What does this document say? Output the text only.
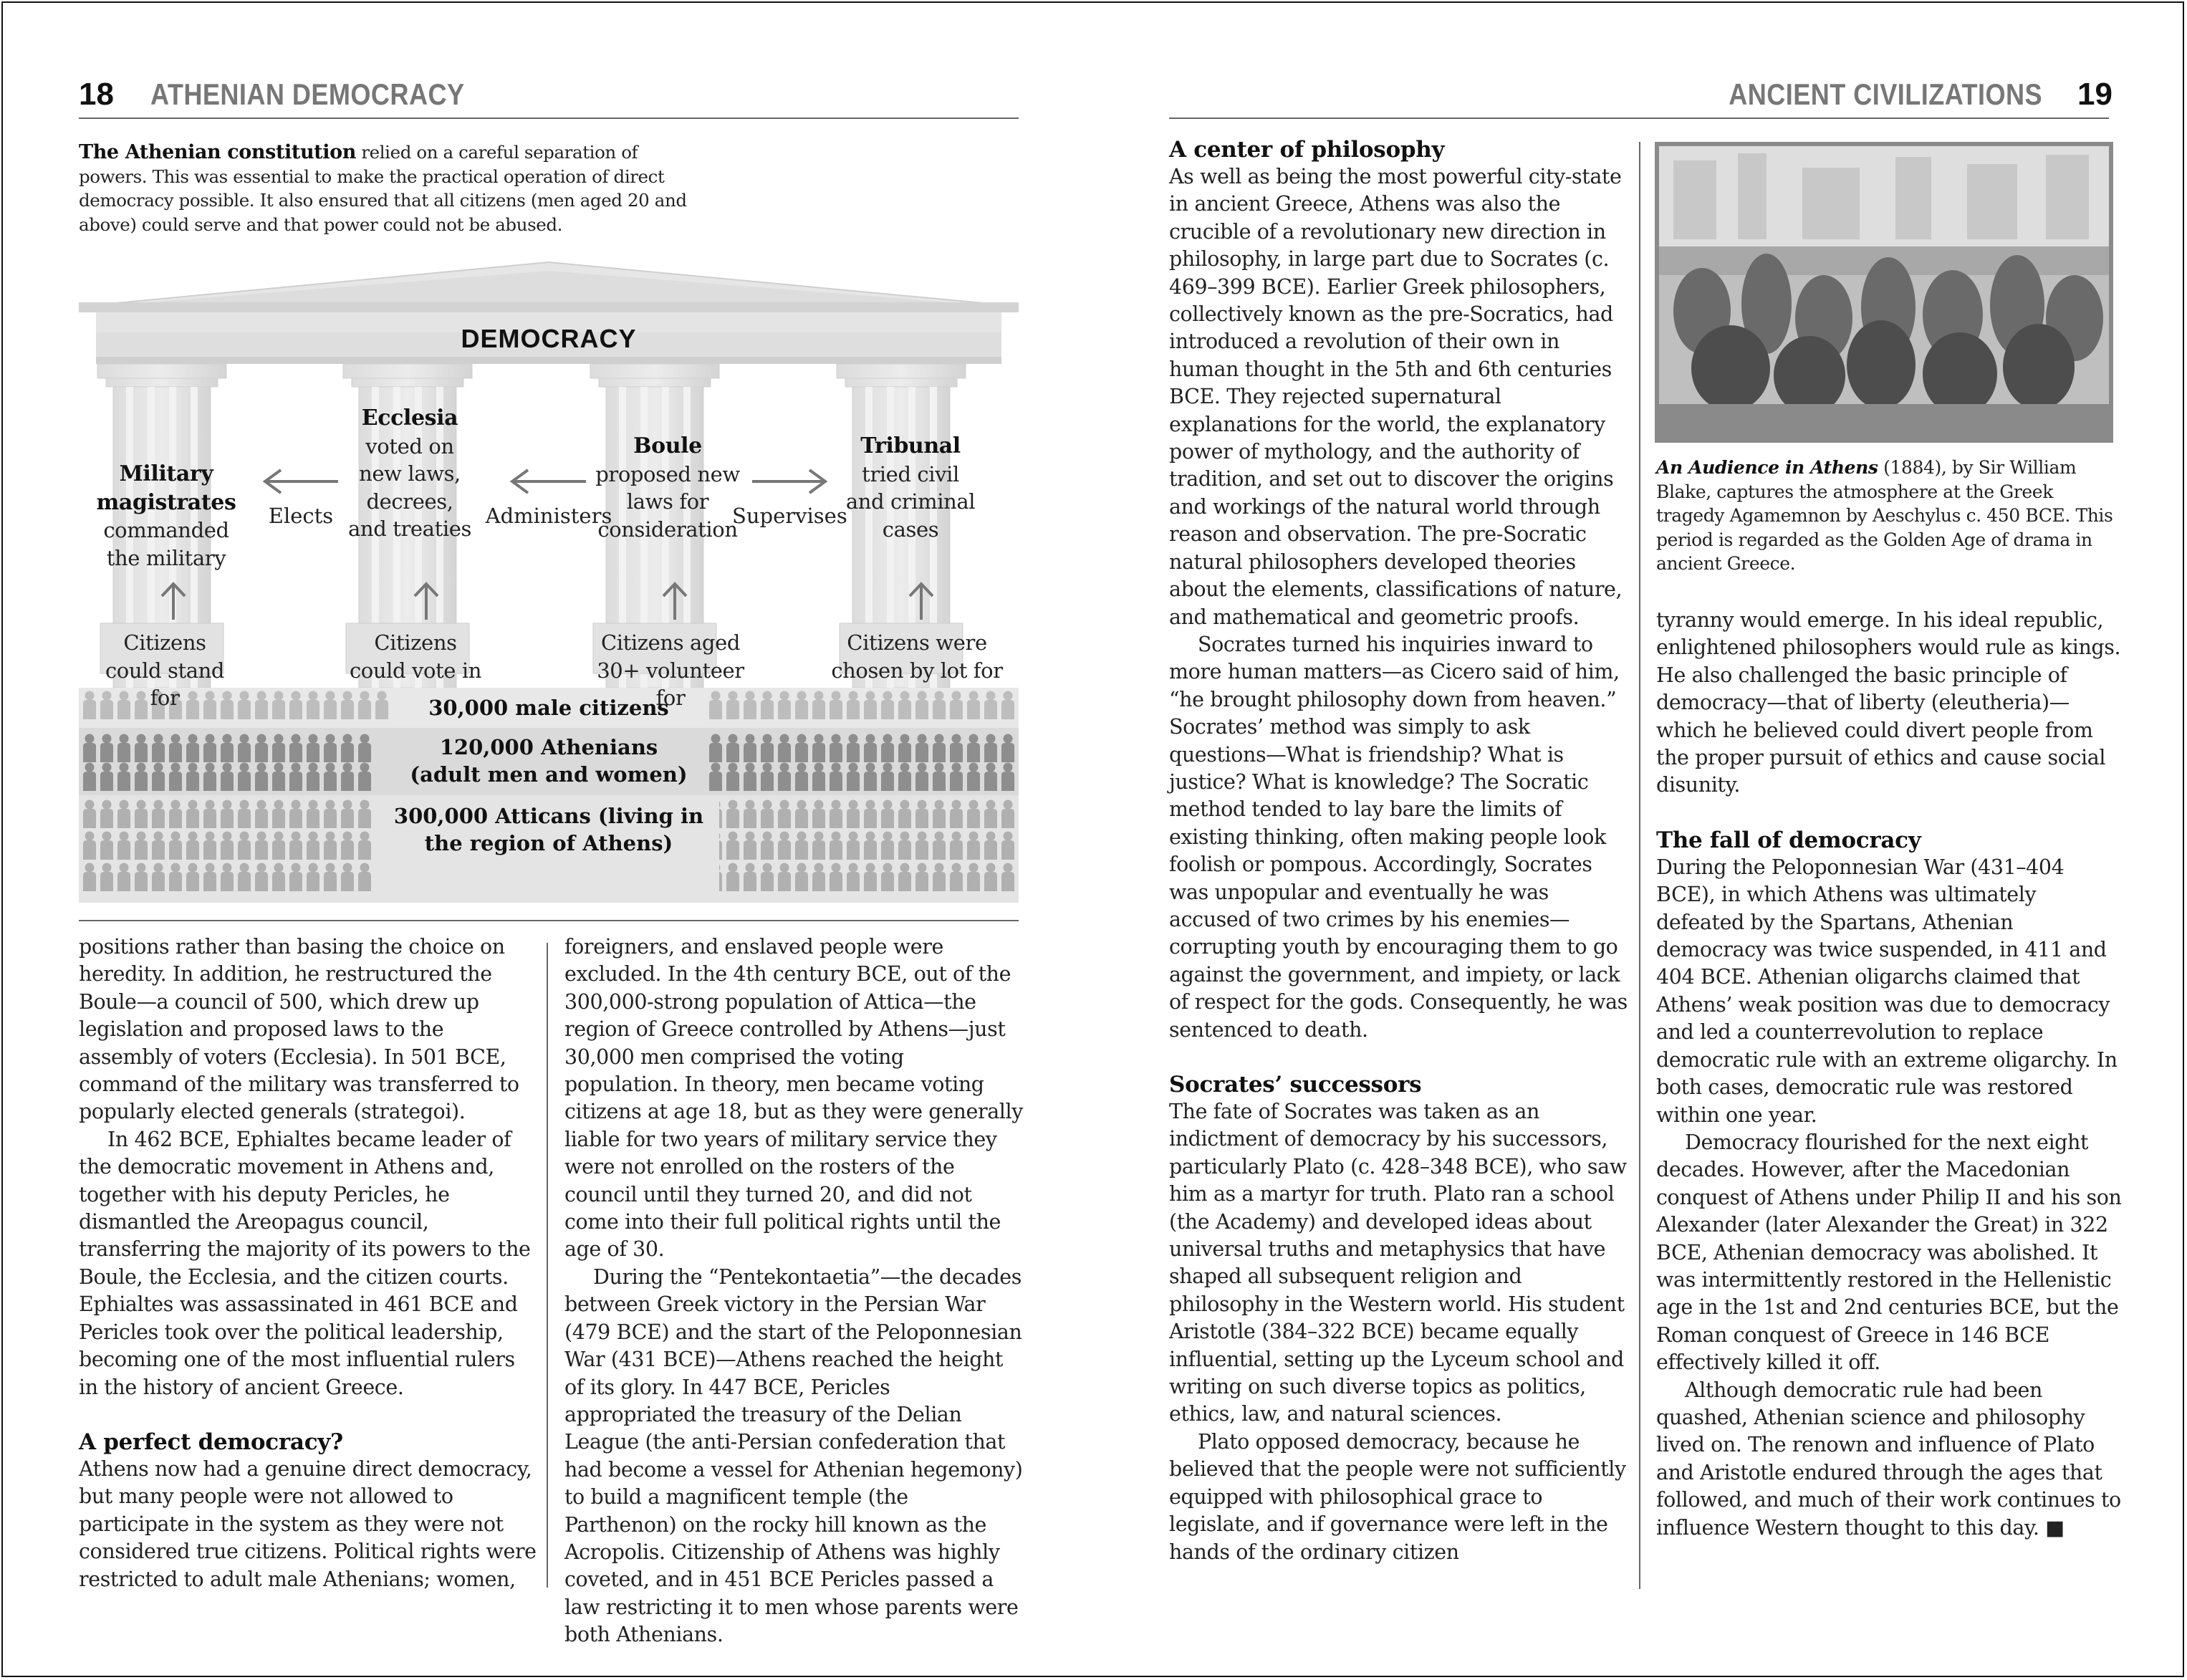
18 ATHENIAN DEMOCRACY	ANCIENT CIVILIZATIONS 19
The Athenian constitution relied on a careful separation of powers. This was essential to make the practical operation of direct democracy possible. It also ensured that all citizens (men aged 20 and above) could serve and that power could not be abused.
DEMOCRACY
Military magistrates
commanded the military
Citizens could stand for
Ecclesia
voted on new laws, decrees, and treaties
Citizens could vote in
Boule
proposed new laws for consideration
Citizens aged 30+ volunteer for
Tribunal
tried civil and criminal cases
Citizens were chosen by lot for
Elects	Administers	Supervises
30,000 male citizens
120,000 Athenians (adult men and women)
300,000 Atticans (living in the region of Athens)

positions rather than basing the choice on heredity. In addition, he restructured the Boule—a council of 500, which drew up legislation and proposed laws to the assembly of voters (Ecclesia). In 501 BCE, command of the military was transferred to popularly elected generals (strategoi).

In 462 BCE, Ephialtes became leader of the democratic movement in Athens and, together with his deputy Pericles, he dismantled the Areopagus council, transferring the majority of its powers to the Boule, the Ecclesia, and the citizen courts. Ephialtes was assassinated in 461 BCE and Pericles took over the political leadership, becoming one of the most influential rulers in the history of ancient Greece.

A perfect democracy?

Athens now had a genuine direct democracy, but many people were not allowed to participate in the system as they were not considered true citizens. Political rights were restricted to adult male Athenians; women,

foreigners, and enslaved people were excluded. In the 4th century BCE, out of the 300,000-strong population of Attica—the region of Greece controlled by Athens—just 30,000 men comprised the voting population. In theory, men became voting citizens at age 18, but as they were generally liable for two years of military service they were not enrolled on the rosters of the council until they turned 20, and did not come into their full political rights until the age of 30.

During the “Pentekontaetia”—the decades between Greek victory in the Persian War (479 BCE) and the start of the Peloponnesian War (431 BCE)—Athens reached the height of its glory. In 447 BCE, Pericles appropriated the treasury of the Delian League (the anti-Persian confederation that had become a vessel for Athenian hegemony) to build a magnificent temple (the Parthenon) on the rocky hill known as the Acropolis. Citizenship of Athens was highly coveted, and in 451 BCE Pericles passed a law restricting it to men whose parents were both Athenians.

A center of philosophy

As well as being the most powerful city-state in ancient Greece, Athens was also the crucible of a revolutionary new direction in philosophy, in large part due to Socrates (c. 469–399 BCE). Earlier Greek philosophers, collectively known as the pre-Socratics, had introduced a revolution of their own in human thought in the 5th and 6th centuries BCE. They rejected supernatural explanations for the world, the explanatory power of mythology, and the authority of tradition, and set out to discover the origins and workings of the natural world through reason and observation. The pre-Socratic natural philosophers developed theories about the elements, classifications of nature, and mathematical and geometric proofs.

Socrates turned his inquiries inward to more human matters—as Cicero said of him, “he brought philosophy down from heaven.” Socrates’ method was simply to ask questions—What is friendship? What is justice? What is knowledge? The Socratic method tended to lay bare the limits of existing thinking, often making people look foolish or pompous. Accordingly, Socrates was unpopular and eventually he was accused of two crimes by his enemies—corrupting youth by encouraging them to go against the government, and impiety, or lack of respect for the gods. Consequently, he was sentenced to death.

Socrates’ successors

The fate of Socrates was taken as an indictment of democracy by his successors, particularly Plato (c. 428–348 BCE), who saw him as a martyr for truth. Plato ran a school (the Academy) and developed ideas about universal truths and metaphysics that have shaped all subsequent religion and philosophy in the Western world. His student Aristotle (384–322 BCE) became equally influential, setting up the Lyceum school and writing on such diverse topics as politics, ethics, law, and natural sciences.

Plato opposed democracy, because he believed that the people were not sufficiently equipped with philosophical grace to legislate, and if governance were left in the hands of the ordinary citizen

An Audience in Athens (1884), by Sir William Blake, captures the atmosphere at the Greek tragedy Agamemnon by Aeschylus c. 450 BCE. This period is regarded as the Golden Age of drama in ancient Greece.

tyranny would emerge. In his ideal republic, enlightened philosophers would rule as kings. He also challenged the basic principle of democracy—that of liberty (eleutheria)—which he believed could divert people from the proper pursuit of ethics and cause social disunity.

The fall of democracy

During the Peloponnesian War (431–404 BCE), in which Athens was ultimately defeated by the Spartans, Athenian democracy was twice suspended, in 411 and 404 BCE. Athenian oligarchs claimed that Athens’ weak position was due to democracy and led a counterrevolution to replace democratic rule with an extreme oligarchy. In both cases, democratic rule was restored within one year.

Democracy flourished for the next eight decades. However, after the Macedonian conquest of Athens under Philip II and his son Alexander (later Alexander the Great) in 322 BCE, Athenian democracy was abolished. It was intermittently restored in the Hellenistic age in the 1st and 2nd centuries BCE, but the Roman conquest of Greece in 146 BCE effectively killed it off.

Although democratic rule had been quashed, Athenian science and philosophy lived on. The renown and influence of Plato and Aristotle endured through the ages that followed, and much of their work continues to influence Western thought to this day. ■
